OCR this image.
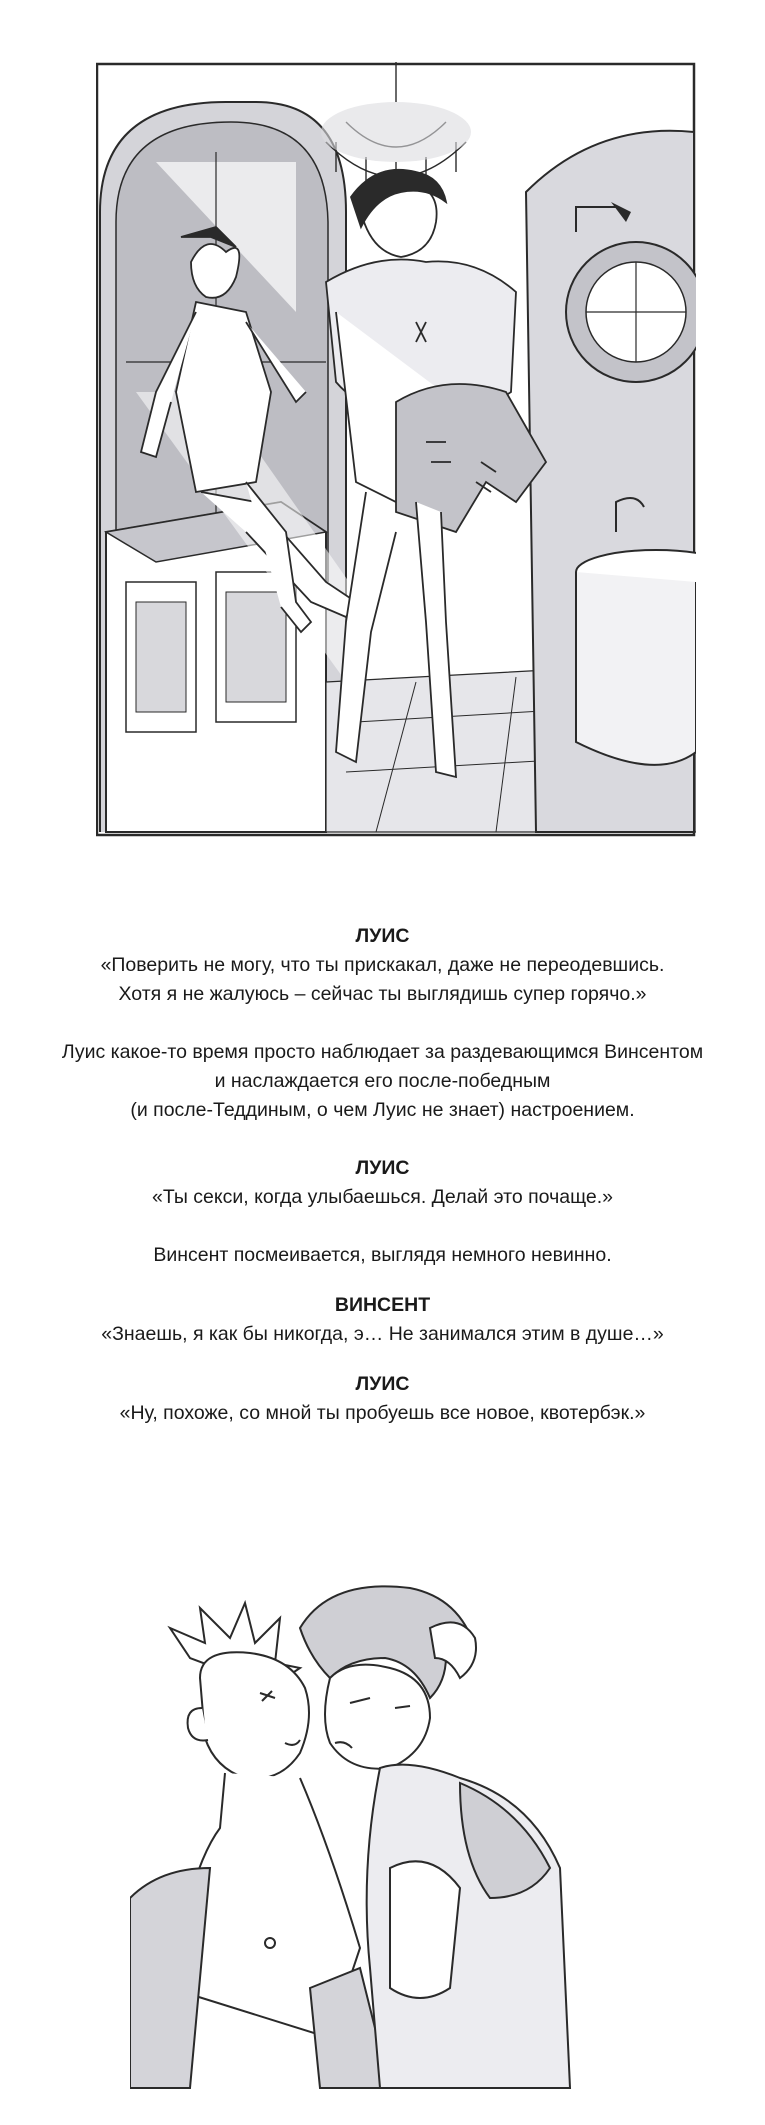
ЛУИС

«Поверить не могу, что ты прискакал, даже не переодевшись.

Хотя я не жалуюсь – сейчас ты выглядишь супер горячо.»

Луис какое-то время просто наблюдает за раздевающимся Винсентом

и наслаждается его после-победным

(и после-Теддиным, о чем Луис не знает) настроением.

ЛУИС

«Ты секси, когда улыбаешься. Делай это почаще.»

Винсент посмеивается, выглядя немного невинно.

ВИНСЕНТ

«Знаешь, я как бы никогда, э… Не занимался этим в душе…»

ЛУИС

«Ну, похоже, со мной ты пробуешь все новое, квотербэк.»
